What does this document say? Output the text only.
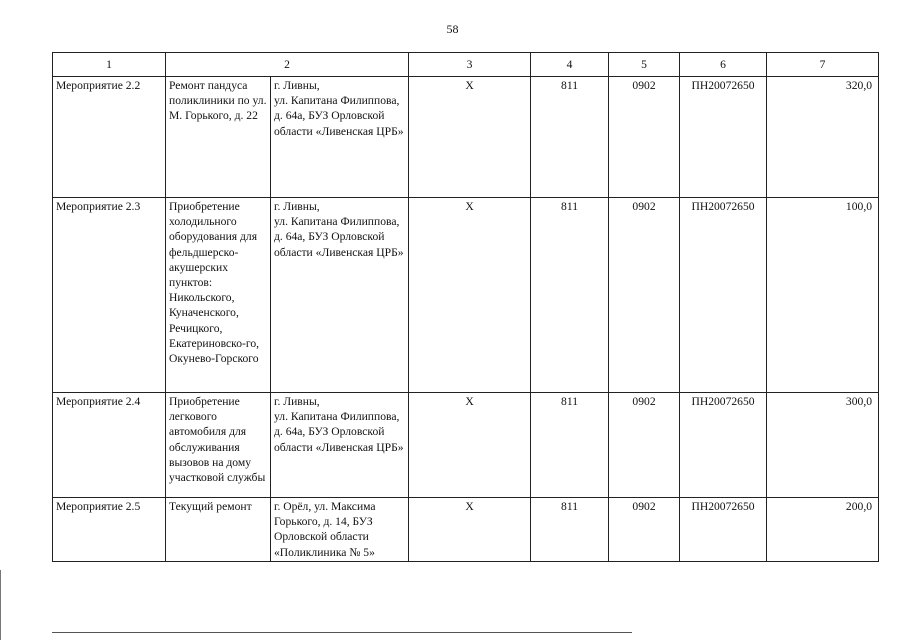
58
1	2		3	4	5	6	7
Мероприятие 2.2	Ремонт пандуса поликлиники по ул. М. Горького, д. 22	г. Ливны,
ул. Капитана Филиппова, д. 64а, БУЗ Орловской области «Ливенская ЦРБ»	X	811	0902	ПН20072650	320,0
Мероприятие 2.3	Приобретение холодильного оборудования для фельдшерско-акушерских пунктов: Никольского, Куначенского, Речицкого, Екатериновско-го, Окунево-Горского	г. Ливны,
ул. Капитана Филиппова, д. 64а, БУЗ Орловской области «Ливенская ЦРБ»	X	811	0902	ПН20072650	100,0
Мероприятие 2.4	Приобретение легкового автомобиля для обслуживания вызовов на дому участковой службы	г. Ливны,
ул. Капитана Филиппова, д. 64а, БУЗ Орловской области «Ливенская ЦРБ»	X	811	0902	ПН20072650	300,0
Мероприятие 2.5	Текущий ремонт	г. Орёл, ул. Максима Горького, д. 14, БУЗ Орловской области «Поликлиника № 5»	X	811	0902	ПН20072650	200,0
